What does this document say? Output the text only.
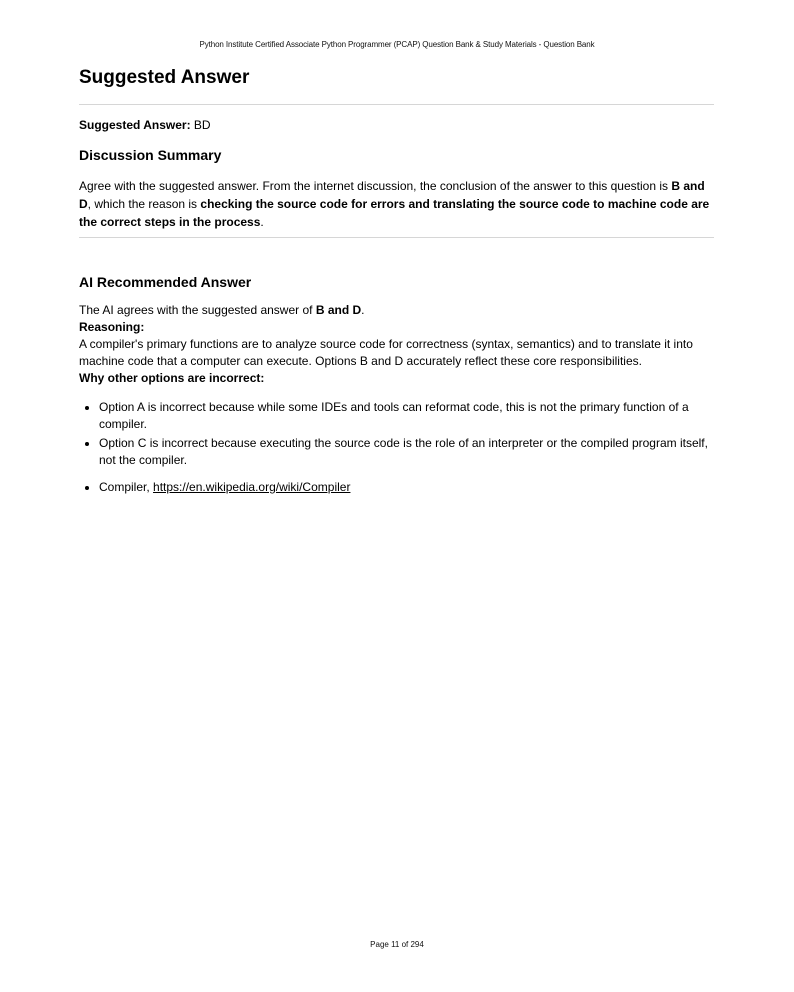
Python Institute Certified Associate Python Programmer (PCAP) Question Bank & Study Materials - Question Bank
Suggested Answer
Suggested Answer: BD
Discussion Summary
Agree with the suggested answer. From the internet discussion, the conclusion of the answer to this question is B and D, which the reason is checking the source code for errors and translating the source code to machine code are the correct steps in the process.
AI Recommended Answer

The AI agrees with the suggested answer of B and D.

Reasoning:

A compiler's primary functions are to analyze source code for correctness (syntax, semantics) and to translate it into machine code that a computer can execute. Options B and D accurately reflect these core responsibilities.

Why other options are incorrect:

• Option A is incorrect because while some IDEs and tools can reformat code, this is not the primary function of a compiler.
• Option C is incorrect because executing the source code is the role of an interpreter or the compiled program itself, not the compiler.
• Compiler, https://en.wikipedia.org/wiki/Compiler
Page 11 of 294
